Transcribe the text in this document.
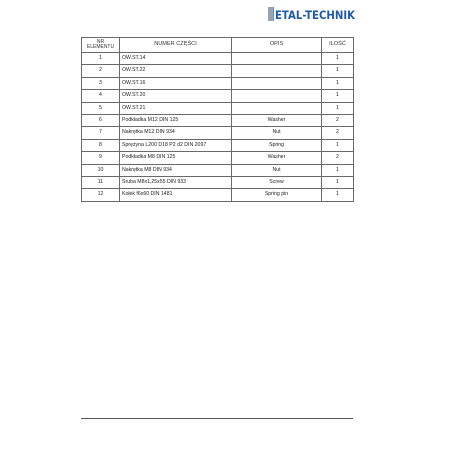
ETAL-TECHNIK
NR ELEMENTU	NUMER CZĘŚCI	OPIS	ILOŚĆ
1	OW.ST.14		1
2	OW.ST.22		1
3	OW.ST.16		1
4	OW.ST.20		1
5	OW.ST.21		1
6	Podkładka M12 DIN 125	Washer	2
7	Nakrętka M12 DIN 934	Nut	2
8	Sprężyna L200 D18 P2 d2 DIN 2097	Spring	1
9	Podkładka M8 DIN 125	Washer	2
10	Nakrętka M8 DIN 934	Nut	1
11	Śruba M8x1,25x55 DIN 933	Screw	1
12	Kołek f6x60 DIN 1481	Spring pin	1
